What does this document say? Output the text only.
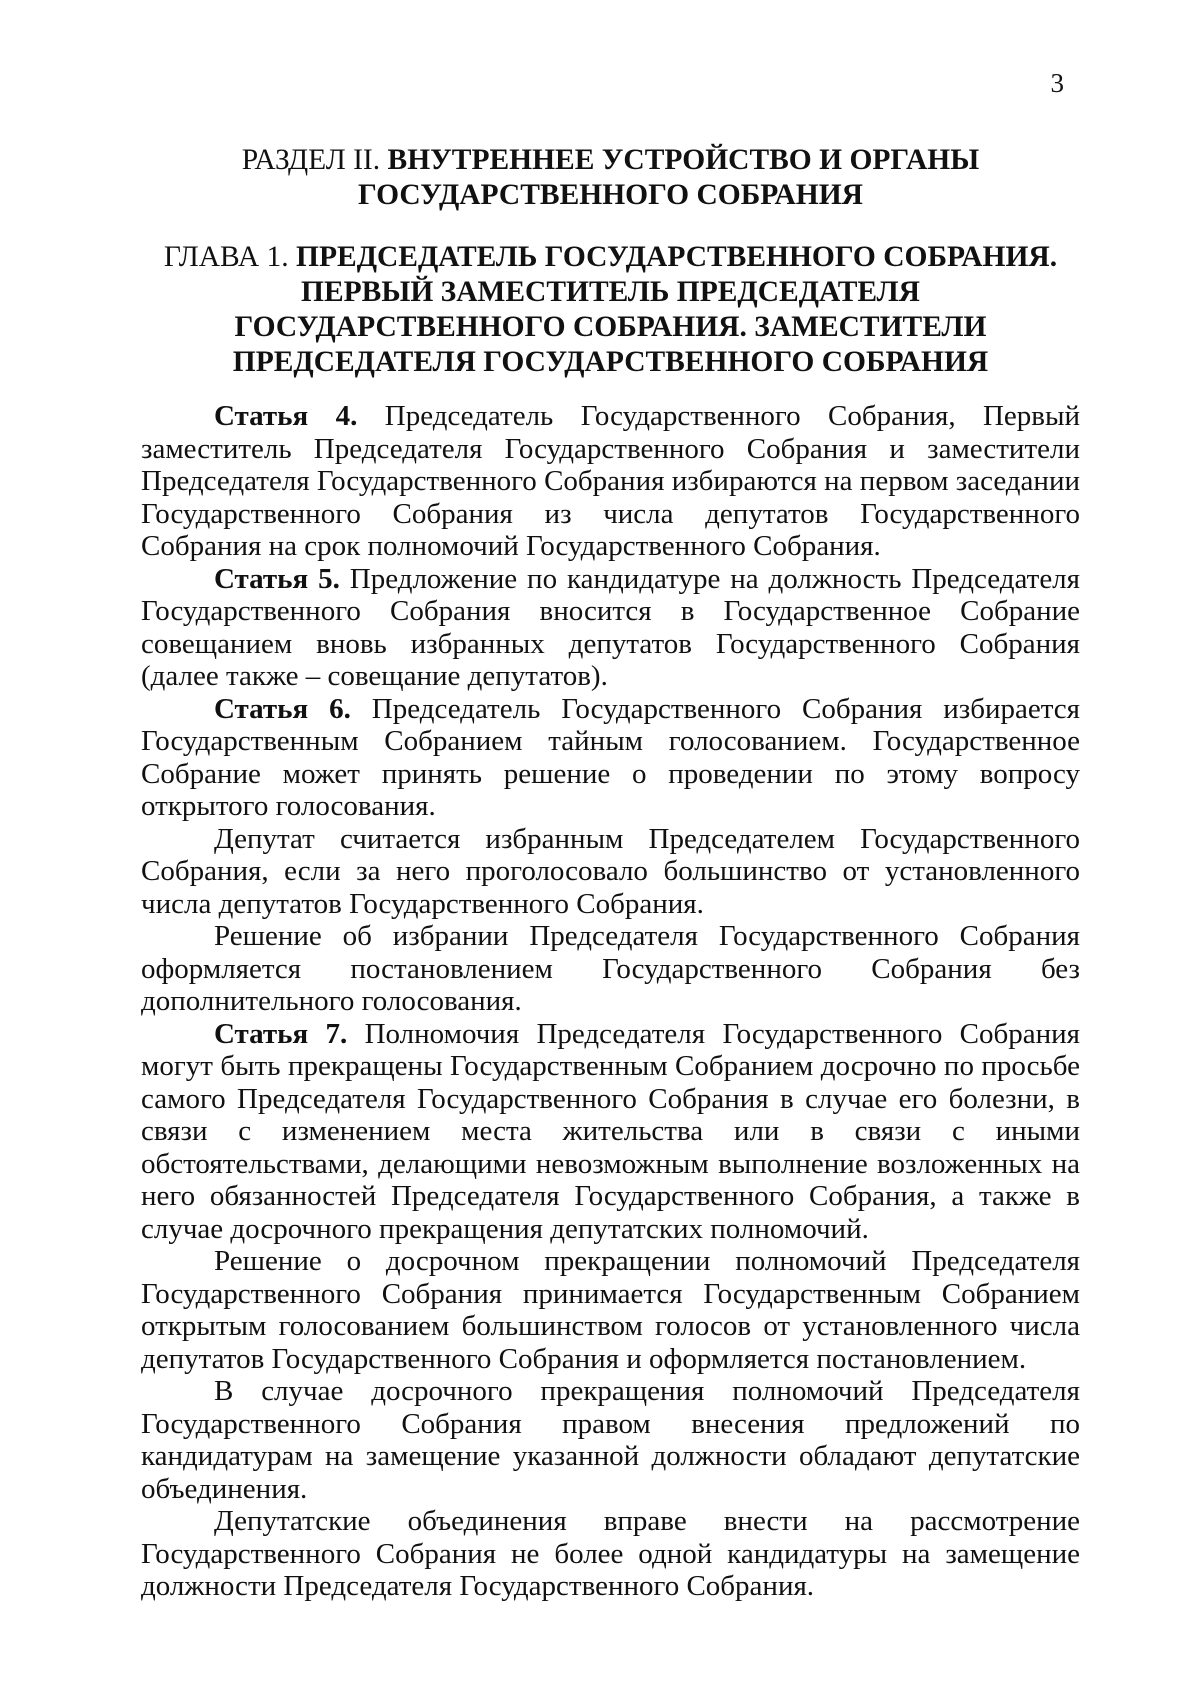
3
РАЗДЕЛ II. ВНУТРЕННЕЕ УСТРОЙСТВО И ОРГАНЫ
ГОСУДАРСТВЕННОГО СОБРАНИЯ
ГЛАВА 1. ПРЕДСЕДАТЕЛЬ ГОСУДАРСТВЕННОГО СОБРАНИЯ. ПЕРВЫЙ ЗАМЕСТИТЕЛЬ ПРЕДСЕДАТЕЛЯ ГОСУДАРСТВЕННОГО СОБРАНИЯ. ЗАМЕСТИТЕЛИ ПРЕДСЕДАТЕЛЯ ГОСУДАРСТВЕННОГО СОБРАНИЯ

Статья 4. Председатель Государственного Собрания, Первый заместитель Председателя Государственного Собрания и заместители Председателя Государственного Собрания избираются на первом заседании Государственного Собрания из числа депутатов Государственного Собрания на срок полномочий Государственного Собрания.

Статья 5. Предложение по кандидатуре на должность Председателя Государственного Собрания вносится в Государственное Собрание совещанием вновь избранных депутатов Государственного Собрания (далее также – совещание депутатов).

Статья 6. Председатель Государственного Собрания избирается Государственным Собранием тайным голосованием. Государственное Собрание может принять решение о проведении по этому вопросу открытого голосования.

Депутат считается избранным Председателем Государственного Собрания, если за него проголосовало большинство от установленного числа депутатов Государственного Собрания.

Решение об избрании Председателя Государственного Собрания оформляется постановлением Государственного Собрания без дополнительного голосования.

Статья 7. Полномочия Председателя Государственного Собрания могут быть прекращены Государственным Собранием досрочно по просьбе самого Председателя Государственного Собрания в случае его болезни, в связи с изменением места жительства или в связи с иными обстоятельствами, делающими невозможным выполнение возложенных на него обязанностей Председателя Государственного Собрания, а также в случае досрочного прекращения депутатских полномочий.

Решение о досрочном прекращении полномочий Председателя Государственного Собрания принимается Государственным Собранием открытым голосованием большинством голосов от установленного числа депутатов Государственного Собрания и оформляется постановлением.

В случае досрочного прекращения полномочий Председателя Государственного Собрания правом внесения предложений по кандидатурам на замещение указанной должности обладают депутатские объединения.

Депутатские объединения вправе внести на рассмотрение Государственного Собрания не более одной кандидатуры на замещение должности Председателя Государственного Собрания.
